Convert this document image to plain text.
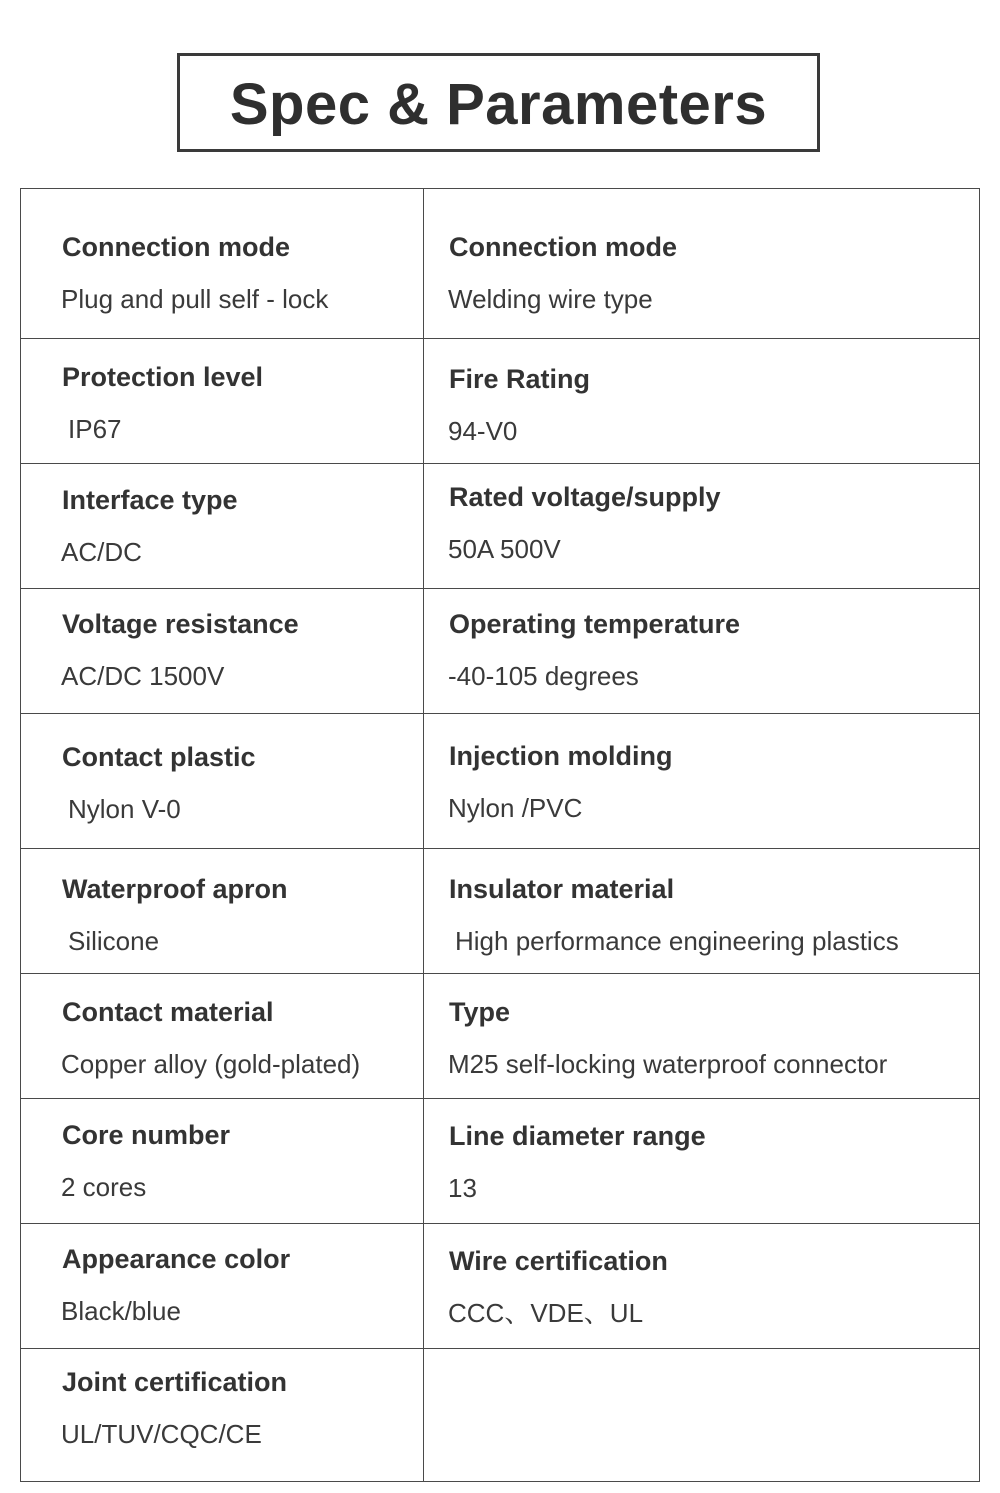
Spec & Parameters
Connection mode
Plug and pull self - lock
Connection mode
Welding wire type
Protection level
IP67
Fire Rating
94-V0
Interface type
AC/DC
Rated voltage/supply
50A 500V
Voltage resistance
AC/DC 1500V
Operating temperature
-40-105 degrees
Contact plastic
Nylon V-0
Injection molding
Nylon /PVC
Waterproof apron
Silicone
Insulator material
High performance engineering plastics
Contact material
Copper alloy (gold-plated)
Type
M25 self-locking waterproof connector
Core number
2 cores
Line diameter range
13
Appearance color
Black/blue
Wire certification
CCC、VDE、UL
Joint certification
UL/TUV/CQC/CE
